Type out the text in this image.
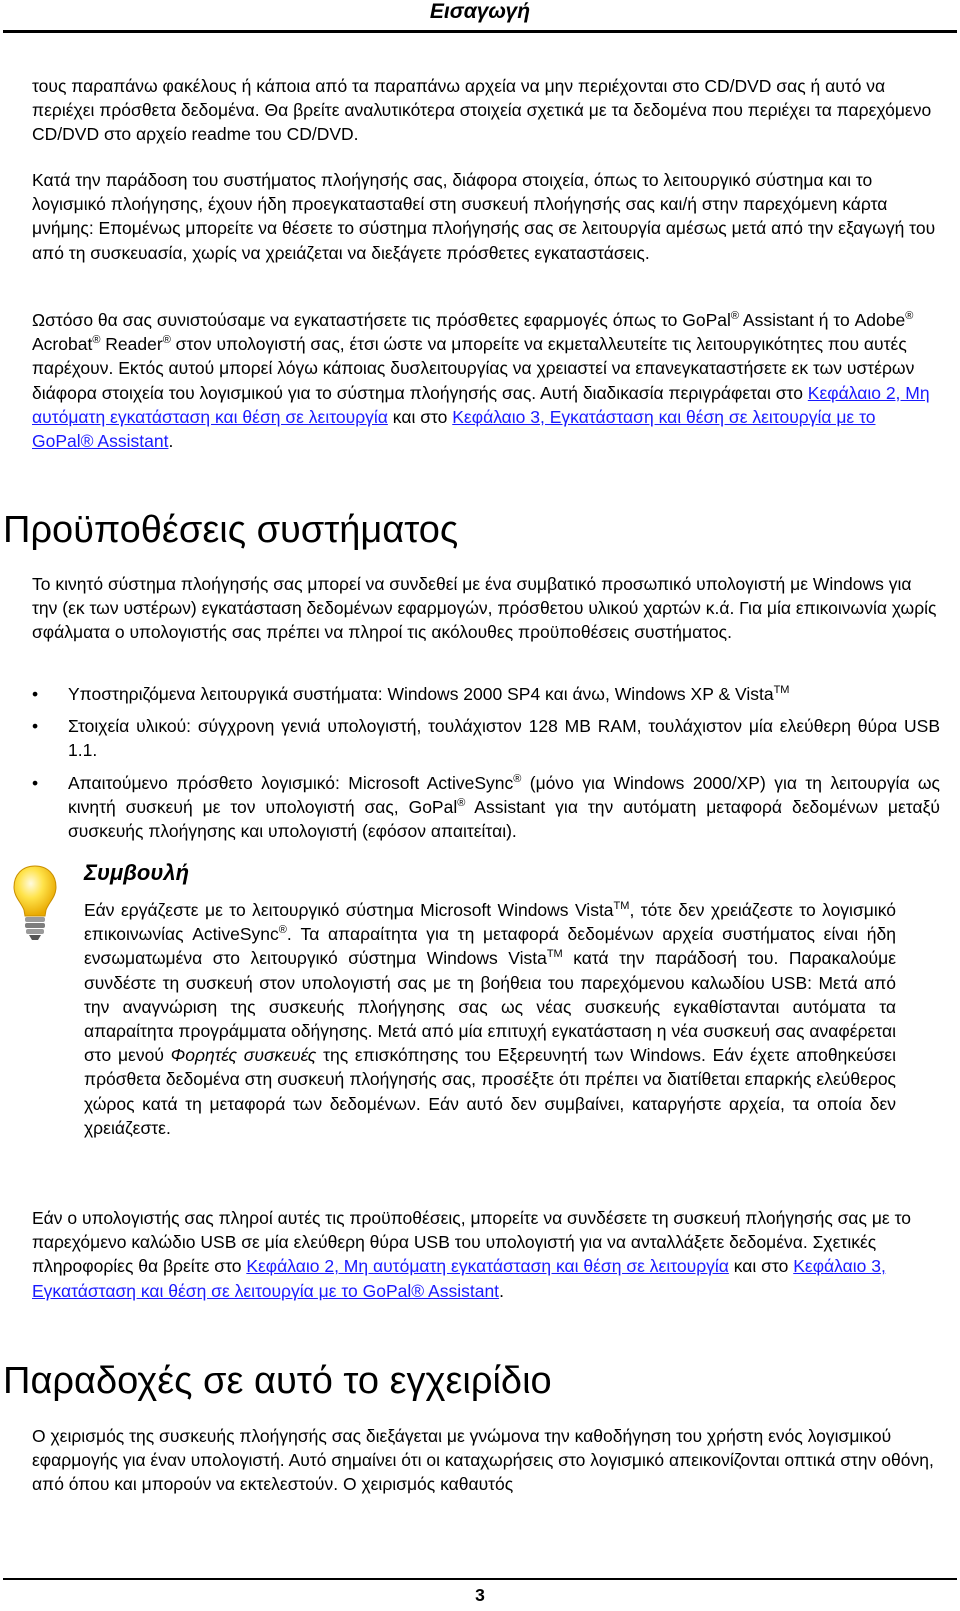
Εισαγωγή
τους παραπάνω φακέλους ή κάποια από τα παραπάνω αρχεία να μην περιέχονται στο CD/DVD σας ή αυτό να περιέχει πρόσθετα δεδομένα. Θα βρείτε αναλυτικότερα στοιχεία σχετικά με τα δεδομένα που περιέχει τα παρεχόμενο CD/DVD στο αρχείο readme του CD/DVD.
Κατά την παράδοση του συστήματος πλοήγησής σας, διάφορα στοιχεία, όπως το λειτουργικό σύστημα και το λογισμικό πλοήγησης, έχουν ήδη προεγκατασταθεί στη συσκευή πλοήγησής σας και/ή στην παρεχόμενη κάρτα μνήμης: Επομένως μπορείτε να θέσετε το σύστημα πλοήγησής σας σε λειτουργία αμέσως μετά από την εξαγωγή του από τη συσκευασία, χωρίς να χρειάζεται να διεξάγετε πρόσθετες εγκαταστάσεις.
Ωστόσο θα σας συνιστούσαμε να εγκαταστήσετε τις πρόσθετες εφαρμογές όπως το GoPal® Assistant ή το Adobe® Acrobat® Reader® στον υπολογιστή σας, έτσι ώστε να μπορείτε να εκμεταλλευτείτε τις λειτουργικότητες που αυτές παρέχουν. Εκτός αυτού μπορεί λόγω κάποιας δυσλειτουργίας να χρειαστεί να επανεγκαταστήσετε εκ των υστέρων διάφορα στοιχεία του λογισμικού για το σύστημα πλοήγησής σας. Αυτή διαδικασία περιγράφεται στο Κεφάλαιο 2, Μη αυτόματη εγκατάσταση και θέση σε λειτουργία και στο Κεφάλαιο 3, Εγκατάσταση και θέση σε λειτουργία με το GoPal® Assistant.
Προϋποθέσεις συστήματος
Το κινητό σύστημα πλοήγησής σας μπορεί να συνδεθεί με ένα συμβατικό προσωπικό υπολογιστή με Windows για την (εκ των υστέρων) εγκατάσταση δεδομένων εφαρμογών, πρόσθετου υλικού χαρτών κ.ά. Για μία επικοινωνία χωρίς σφάλματα ο υπολογιστής σας πρέπει να πληροί τις ακόλουθες προϋποθέσεις συστήματος.
• Υποστηριζόμενα λειτουργικά συστήματα: Windows 2000 SP4 και άνω, Windows XP & Vista™
• Στοιχεία υλικού: σύγχρονη γενιά υπολογιστή, τουλάχιστον 128 MB RAM, τουλάχιστον μία ελεύθερη θύρα USB 1.1.
• Απαιτούμενο πρόσθετο λογισμικό: Microsoft ActiveSync® (μόνο για Windows 2000/XP) για τη λειτουργία ως κινητή συσκευή με τον υπολογιστή σας, GoPal® Assistant για την αυτόματη μεταφορά δεδομένων μεταξύ συσκευής πλοήγησης και υπολογιστή (εφόσον απαιτείται).
Συμβουλή
Εάν εργάζεστε με το λειτουργικό σύστημα Microsoft Windows Vista™, τότε δεν χρειάζεστε το λογισμικό επικοινωνίας ActiveSync®. Τα απαραίτητα για τη μεταφορά δεδομένων αρχεία συστήματος είναι ήδη ενσωματωμένα στο λειτουργικό σύστημα Windows Vista™ κατά την παράδοσή του. Παρακαλούμε συνδέστε τη συσκευή στον υπολογιστή σας με τη βοήθεια του παρεχόμενου καλωδίου USB: Μετά από την αναγνώριση της συσκευής πλοήγησης σας ως νέας συσκευής εγκαθίστανται αυτόματα τα απαραίτητα προγράμματα οδήγησης. Μετά από μία επιτυχή εγκατάσταση η νέα συσκευή σας αναφέρεται στο μενού Φορητές συσκευές της επισκόπησης του Εξερευνητή των Windows. Εάν έχετε αποθηκεύσει πρόσθετα δεδομένα στη συσκευή πλοήγησής σας, προσέξτε ότι πρέπει να διατίθεται επαρκής ελεύθερος χώρος κατά τη μεταφορά των δεδομένων. Εάν αυτό δεν συμβαίνει, καταργήστε αρχεία, τα οποία δεν χρειάζεστε.
Εάν ο υπολογιστής σας πληροί αυτές τις προϋποθέσεις, μπορείτε να συνδέσετε τη συσκευή πλοήγησής σας με το παρεχόμενο καλώδιο USB σε μία ελεύθερη θύρα USB του υπολογιστή για να ανταλλάξετε δεδομένα. Σχετικές πληροφορίες θα βρείτε στο Κεφάλαιο 2, Μη αυτόματη εγκατάσταση και θέση σε λειτουργία και στο Κεφάλαιο 3, Εγκατάσταση και θέση σε λειτουργία με το GoPal® Assistant.
Παραδοχές σε αυτό το εγχειρίδιο
Ο χειρισμός της συσκευής πλοήγησής σας διεξάγεται με γνώμονα την καθοδήγηση του χρήστη ενός λογισμικού εφαρμογής για έναν υπολογιστή. Αυτό σημαίνει ότι οι καταχωρήσεις στο λογισμικό απεικονίζονται οπτικά στην οθόνη, από όπου και μπορούν να εκτελεστούν. Ο χειρισμός καθαυτός
3
